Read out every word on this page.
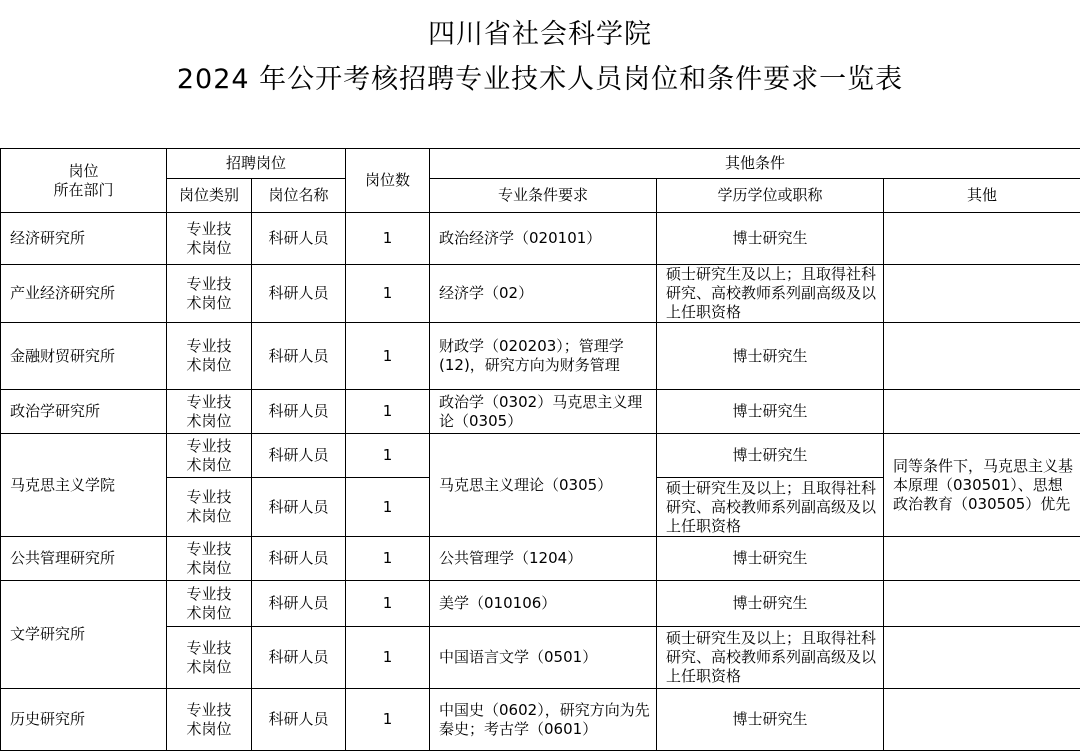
四川省社会科学院
2024 年公开考核招聘专业技术人员岗位和条件要求一览表
岗位
所在部门	招聘岗位		岗位数	其他条件		
	岗位类别	岗位名称		专业条件要求	学历学位或职称	其他
经济研究所	专业技
术岗位	科研人员	1	政治经济学（020101）	博士研究生	
产业经济研究所	专业技
术岗位	科研人员	1	经济学（02）	硕士研究生及以上；且取得社科研究、高校教师系列副高级及以上任职资格	
金融财贸研究所	专业技
术岗位	科研人员	1	财政学（020203）；管理学(12)，研究方向为财务管理	博士研究生	
政治学研究所	专业技
术岗位	科研人员	1	政治学（0302）马克思主义理论（0305）	博士研究生	
马克思主义学院	专业技
术岗位	科研人员	1	马克思主义理论（0305）	博士研究生	同等条件下，马克思主义基本原理（030501）、思想政治教育（030505）优先

	专业技
术岗位	科研人员	1		硕士研究生及以上；且取得社科研究、高校教师系列副高级及以上任职资格	
公共管理研究所	专业技
术岗位	科研人员	1	公共管理学（1204）	博士研究生	
文学研究所	专业技
术岗位	科研人员	1	美学（010106）	博士研究生	

	专业技
术岗位	科研人员	1	中国语言文学（0501）	硕士研究生及以上；且取得社科研究、高校教师系列副高级及以上任职资格	
历史研究所	专业技
术岗位	科研人员	1	中国史（0602），研究方向为先秦史；考古学（0601）	博士研究生	
